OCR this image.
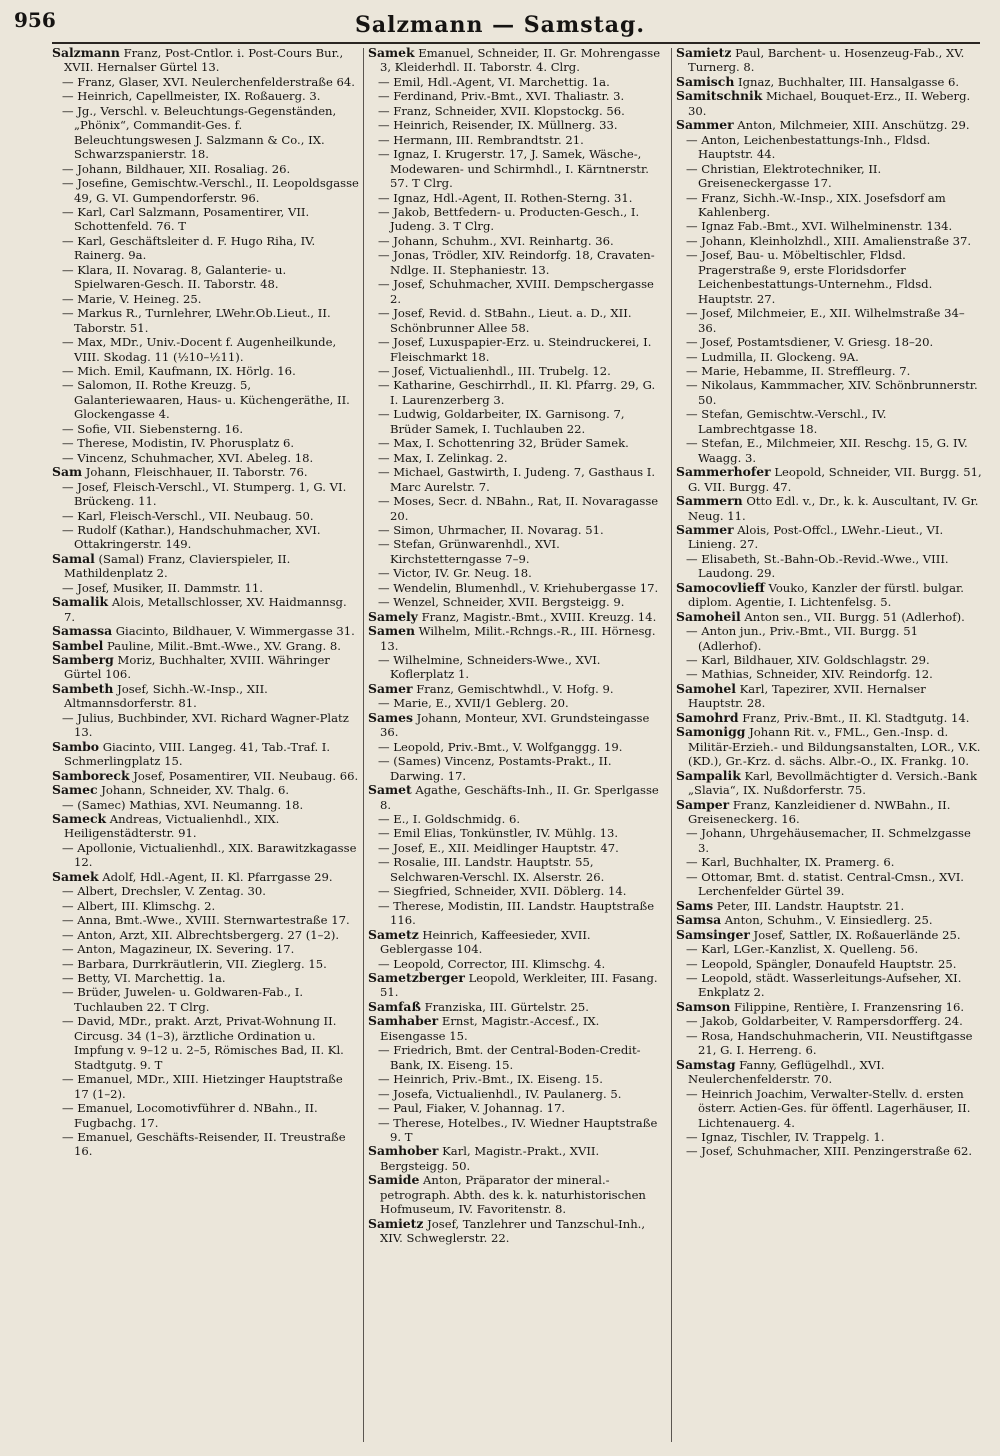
956	Salzmann — Samstag.

Salzmann Franz, Post-Cntlor. i. Post-Cours Bur., XVII. Hernalser Gürtel 13.

— Franz, Glaser, XVI. Neulerchenfelderstraße 64.

— Heinrich, Capellmeister, IX. Roßauerg. 3.

— Jg., Verschl. v. Beleuchtungs-Gegenständen, „Phönix“, Commandit-Ges. f. Beleuchtungswesen J. Salzmann & Co., IX. Schwarzspanierstr. 18.

— Johann, Bildhauer, XII. Rosaliag. 26.

— Josefine, Gemischtw.-Verschl., II. Leopoldsgasse 49, G. VI. Gumpendorferstr. 96.

— Karl, Carl Salzmann, Posamentirer, VII. Schottenfeld. 76. T

— Karl, Geschäftsleiter d. F. Hugo Riha, IV. Rainerg. 9a.

— Klara, II. Novarag. 8, Galanterie- u. Spielwaren-Gesch. II. Taborstr. 48.

— Marie, V. Heineg. 25.

— Markus R., Turnlehrer, LWehr.Ob.Lieut., II. Taborstr. 51.

— Max, MDr., Univ.-Docent f. Augenheilkunde, VIII. Skodag. 11 (½10–½11).

— Mich. Emil, Kaufmann, IX. Hörlg. 16.

— Salomon, II. Rothe Kreuzg. 5, Galanteriewaaren, Haus- u. Küchengeräthe, II. Glockengasse 4.

— Sofie, VII. Siebensterng. 16.

— Therese, Modistin, IV. Phorusplatz 6.

— Vincenz, Schuhmacher, XVI. Abeleg. 18.

Sam Johann, Fleischhauer, II. Taborstr. 76.

— Josef, Fleisch-Verschl., VI. Stumperg. 1, G. VI. Brückeng. 11.

— Karl, Fleisch-Verschl., VII. Neubaug. 50.

— Rudolf (Kathar.), Handschuhmacher, XVI. Ottakringerstr. 149.

Samal (Samal) Franz, Clavierspieler, II. Mathildenplatz 2.

— Josef, Musiker, II. Dammstr. 11.

Samalik Alois, Metallschlosser, XV. Haidmannsg. 7.

Samassa Giacinto, Bildhauer, V. Wimmergasse 31.

Sambel Pauline, Milit.-Bmt.-Wwe., XV. Grang. 8.

Samberg Moriz, Buchhalter, XVIII. Währinger Gürtel 106.

Sambeth Josef, Sichh.-W.-Insp., XII. Altmannsdorferstr. 81.

— Julius, Buchbinder, XVI. Richard Wagner-Platz 13.

Sambo Giacinto, VIII. Langeg. 41, Tab.-Traf. I. Schmerlingplatz 15.

Samboreck Josef, Posamentirer, VII. Neubaug. 66.

Samec Johann, Schneider, XV. Thalg. 6.

— (Samec) Mathias, XVI. Neumanng. 18.

Sameck Andreas, Victualienhdl., XIX. Heiligenstädterstr. 91.

— Apollonie, Victualienhdl., XIX. Barawitzkagasse 12.

Samek Adolf, Hdl.-Agent, II. Kl. Pfarrgasse 29.

— Albert, Drechsler, V. Zentag. 30.

— Albert, III. Klimschg. 2.

— Anna, Bmt.-Wwe., XVIII. Sternwartestraße 17.

— Anton, Arzt, XII. Albrechtsbergerg. 27 (1–2).

— Anton, Magazineur, IX. Severing. 17.

— Barbara, Durrkräutlerin, VII. Zieglerg. 15.

— Betty, VI. Marchettig. 1a.

— Brüder, Juwelen- u. Goldwaren-Fab., I. Tuchlauben 22. T Clrg.

— David, MDr., prakt. Arzt, Privat-Wohnung II. Circusg. 34 (1–3), ärztliche Ordination u. Impfung v. 9–12 u. 2–5, Römisches Bad, II. Kl. Stadtgutg. 9. T

— Emanuel, MDr., XIII. Hietzinger Hauptstraße 17 (1–2).

— Emanuel, Locomotivführer d. NBahn., II. Fugbachg. 17.

— Emanuel, Geschäfts-Reisender, II. Treustraße 16.

Samek Emanuel, Schneider, II. Gr. Mohrengasse 3, Kleiderhdl. II. Taborstr. 4. Clrg.

— Emil, Hdl.-Agent, VI. Marchettig. 1a.

— Ferdinand, Priv.-Bmt., XVI. Thaliastr. 3.

— Franz, Schneider, XVII. Klopstockg. 56.

— Heinrich, Reisender, IX. Müllnerg. 33.

— Hermann, III. Rembrandtstr. 21.

— Ignaz, I. Krugerstr. 17, J. Samek, Wäsche-, Modewaren- und Schirmhdl., I. Kärntnerstr. 57. T Clrg.

— Ignaz, Hdl.-Agent, II. Rothen-Sterng. 31.

— Jakob, Bettfedern- u. Producten-Gesch., I. Judeng. 3. T Clrg.

— Johann, Schuhm., XVI. Reinhartg. 36.

— Jonas, Trödler, XIV. Reindorfg. 18, Cravaten-Ndlge. II. Stephaniestr. 13.

— Josef, Schuhmacher, XVIII. Dempschergasse 2.

— Josef, Revid. d. StBahn., Lieut. a. D., XII. Schönbrunner Allee 58.

— Josef, Luxuspapier-Erz. u. Steindruckerei, I. Fleischmarkt 18.

— Josef, Victualienhdl., III. Trubelg. 12.

— Katharine, Geschirrhdl., II. Kl. Pfarrg. 29, G. I. Laurenzerberg 3.

— Ludwig, Goldarbeiter, IX. Garnisong. 7, Brüder Samek, I. Tuchlauben 22.

— Max, I. Schottenring 32, Brüder Samek.

— Max, I. Zelinkag. 2.

— Michael, Gastwirth, I. Judeng. 7, Gasthaus I. Marc Aurelstr. 7.

— Moses, Secr. d. NBahn., Rat, II. Novaragasse 20.

— Simon, Uhrmacher, II. Novarag. 51.

— Stefan, Grünwarenhdl., XVI. Kirchstetterngasse 7–9.

— Victor, IV. Gr. Neug. 18.

— Wendelin, Blumenhdl., V. Kriehubergasse 17.

— Wenzel, Schneider, XVII. Bergsteigg. 9.

Samely Franz, Magistr.-Bmt., XVIII. Kreuzg. 14.

Samen Wilhelm, Milit.-Rchngs.-R., III. Hörnesg. 13.

— Wilhelmine, Schneiders-Wwe., XVI. Koflerplatz 1.

Samer Franz, Gemischtwhdl., V. Hofg. 9.

— Marie, E., XVII/1 Geblerg. 20.

Sames Johann, Monteur, XVI. Grundsteingasse 36.

— Leopold, Priv.-Bmt., V. Wolfganggg. 19.

— (Sames) Vincenz, Postamts-Prakt., II. Darwing. 17.

Samet Agathe, Geschäfts-Inh., II. Gr. Sperlgasse 8.

— E., I. Goldschmidg. 6.

— Emil Elias, Tonkünstler, IV. Mühlg. 13.

— Josef, E., XII. Meidlinger Hauptstr. 47.

— Rosalie, III. Landstr. Hauptstr. 55, Selchwaren-Verschl. IX. Alserstr. 26.

— Siegfried, Schneider, XVII. Döblerg. 14.

— Therese, Modistin, III. Landstr. Hauptstraße 116.

Sametz Heinrich, Kaffeesieder, XVII. Geblergasse 104.

— Leopold, Corrector, III. Klimschg. 4.

Sametzberger Leopold, Werkleiter, III. Fasang. 51.

Samfaß Franziska, III. Gürtelstr. 25.

Samhaber Ernst, Magistr.-Accesf., IX. Eisengasse 15.

— Friedrich, Bmt. der Central-Boden-Credit-Bank, IX. Eiseng. 15.

— Heinrich, Priv.-Bmt., IX. Eiseng. 15.

— Josefa, Victualienhdl., IV. Paulanerg. 5.

— Paul, Fiaker, V. Johannag. 17.

— Therese, Hotelbes., IV. Wiedner Hauptstraße 9. T

Samhober Karl, Magistr.-Prakt., XVII. Bergsteigg. 50.

Samide Anton, Präparator der mineral.-petrograph. Abth. des k. k. naturhistorischen Hofmuseum, IV. Favoritenstr. 8.

Samietz Josef, Tanzlehrer und Tanzschul-Inh., XIV. Schweglerstr. 22.

Samietz Paul, Barchent- u. Hosenzeug-Fab., XV. Turnerg. 8.

Samisch Ignaz, Buchhalter, III. Hansalgasse 6.

Samitschnik Michael, Bouquet-Erz., II. Weberg. 30.

Sammer Anton, Milchmeier, XIII. Anschützg. 29.

— Anton, Leichenbestattungs-Inh., Fldsd. Hauptstr. 44.

— Christian, Elektrotechniker, II. Greiseneckergasse 17.

— Franz, Sichh.-W.-Insp., XIX. Josefsdorf am Kahlenberg.

— Ignaz Fab.-Bmt., XVI. Wilhelminenstr. 134.

— Johann, Kleinholzhdl., XIII. Amalienstraße 37.

— Josef, Bau- u. Möbeltischler, Fldsd. Pragerstraße 9, erste Floridsdorfer Leichenbestattungs-Unternehm., Fldsd. Hauptstr. 27.

— Josef, Milchmeier, E., XII. Wilhelmstraße 34–36.

— Josef, Postamtsdiener, V. Griesg. 18–20.

— Ludmilla, II. Glockeng. 9A.

— Marie, Hebamme, II. Streffleurg. 7.

— Nikolaus, Kammmacher, XIV. Schönbrunnerstr. 50.

— Stefan, Gemischtw.-Verschl., IV. Lambrechtgasse 18.

— Stefan, E., Milchmeier, XII. Reschg. 15, G. IV. Waagg. 3.

Sammerhofer Leopold, Schneider, VII. Burgg. 51, G. VII. Burgg. 47.

Sammern Otto Edl. v., Dr., k. k. Auscultant, IV. Gr. Neug. 11.

Sammer Alois, Post-Offcl., LWehr.-Lieut., VI. Linieng. 27.

— Elisabeth, St.-Bahn-Ob.-Revid.-Wwe., VIII. Laudong. 29.

Samocovlieff Vouko, Kanzler der fürstl. bulgar. diplom. Agentie, I. Lichtenfelsg. 5.

Samoheil Anton sen., VII. Burgg. 51 (Adlerhof).

— Anton jun., Priv.-Bmt., VII. Burgg. 51 (Adlerhof).

— Karl, Bildhauer, XIV. Goldschlagstr. 29.

— Mathias, Schneider, XIV. Reindorfg. 12.

Samohel Karl, Tapezirer, XVII. Hernalser Hauptstr. 28.

Samohrd Franz, Priv.-Bmt., II. Kl. Stadtgutg. 14.

Samonigg Johann Rit. v., FML., Gen.-Insp. d. Militär-Erzieh.- und Bildungsanstalten, LOR., V.K. (KD.), Gr.-Krz. d. sächs. Albr.-O., IX. Frankg. 10.

Sampalik Karl, Bevollmächtigter d. Versich.-Bank „Slavia“, IX. Nußdorferstr. 75.

Samper Franz, Kanzleidiener d. NWBahn., II. Greiseneckerg. 16.

— Johann, Uhrgehäusemacher, II. Schmelzgasse 3.

— Karl, Buchhalter, IX. Pramerg. 6.

— Ottomar, Bmt. d. statist. Central-Cmsn., XVI. Lerchenfelder Gürtel 39.

Sams Peter, III. Landstr. Hauptstr. 21.

Samsa Anton, Schuhm., V. Einsiedlerg. 25.

Samsinger Josef, Sattler, IX. Roßauerlände 25.

— Karl, LGer.-Kanzlist, X. Quelleng. 56.

— Leopold, Spängler, Donaufeld Hauptstr. 25.

— Leopold, städt. Wasserleitungs-Aufseher, XI. Enkplatz 2.

Samson Filippine, Rentière, I. Franzensring 16.

— Jakob, Goldarbeiter, V. Rampersdorfferg. 24.

— Rosa, Handschuhmacherin, VII. Neustiftgasse 21, G. I. Herreng. 6.

Samstag Fanny, Geflügelhdl., XVI. Neulerchenfelderstr. 70.

— Heinrich Joachim, Verwalter-Stellv. d. ersten österr. Actien-Ges. für öffentl. Lagerhäuser, II. Lichtenauerg. 4.

— Ignaz, Tischler, IV. Trappelg. 1.

— Josef, Schuhmacher, XIII. Penzingerstraße 62.
